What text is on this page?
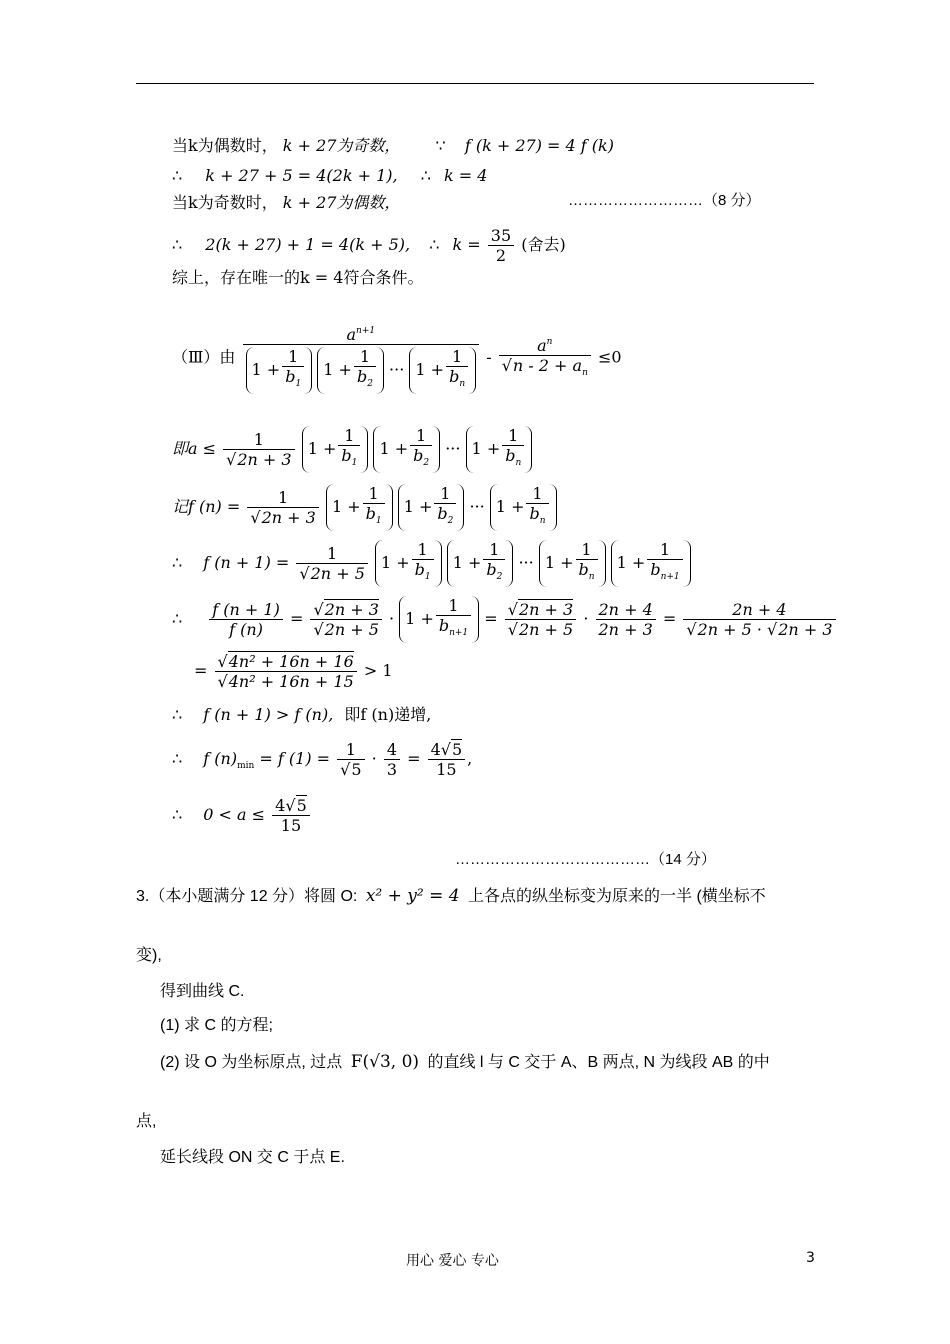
当k为偶数时， k + 27为奇数， ∵ f (k + 27) = 4 f (k)
∴ k + 27 + 5 = 4(2k + 1), ∴ k = 4
当k为奇数时， k + 27为偶数，	………………………（8 分）
∴ 2(k + 27) + 1 = 4(k + 5), ∴ $k = \frac{35}{2}$ (舍去)
综上，存在唯一的k = 4符合条件。
（Ⅲ）由 $\frac{a^{n+1}}{1 + \frac{1}{b_1} 1 + \frac{1}{b_2} \cdot\cdot\cdot 1 + \frac{1}{b_n}} - \frac{a^n}{√n - 2 + a_n} \le 0$
即$a \le \frac{1}{√2n + 3} 1 + \frac{1}{b_1} 1 + \frac{1}{b_2}$ ··· $1 + \frac{1}{b_n}$
记f $(n) = \frac{1}{√2n + 3} 1 + \frac{1}{b_1} 1 + \frac{1}{b_2}$ ··· $1 + \frac{1}{b_n}$
∴ f $(n + 1) = \frac{1}{√2n + 5} 1 + \frac{1}{b_1} 1 + \frac{1}{b_2}$ ··· $1 + \frac{1}{b_n} 1 + \frac{1}{b_{n+1}}$
∴ $\frac{f (n + 1)}{f (n)} = \frac{√2n + 3}{√2n + 5} \cdot 1 + \frac{1}{b_{n+1}} = \frac{√2n + 3}{√2n + 5} \cdot \frac{2n + 4}{2n + 3} = \frac{2n + 4}{√2n + 5 \cdot √2n + 3}$
= $\frac{\text{√4n² + 16n + 16}}{\text{√4n² + 16n + 15}} > 1$
∴ f (n + 1) > f (n), 即f (n)递增,
∴ f $(n)_{min} = f$ $(1) = \frac{1}{√5} \cdot \frac{4}{3} = \frac{4√5}{15}$ ,
∴ $0 < a \le \frac{4√5}{15}$
…………………………………（14 分）
3.（本小题满分 12 分）将圆 O: x² + y² = 4 上各点的纵坐标变为原来的一半 (横坐标不
变),
得到曲线 C.
(1) 求 C 的方程;
(2) 设 O 为坐标原点, 过点 F(√3, 0) 的直线 l 与 C 交于 A、B 两点, N 为线段 AB 的中
点,
延长线段 ON 交 C 于点 E.
用心 爱心 专心	3
